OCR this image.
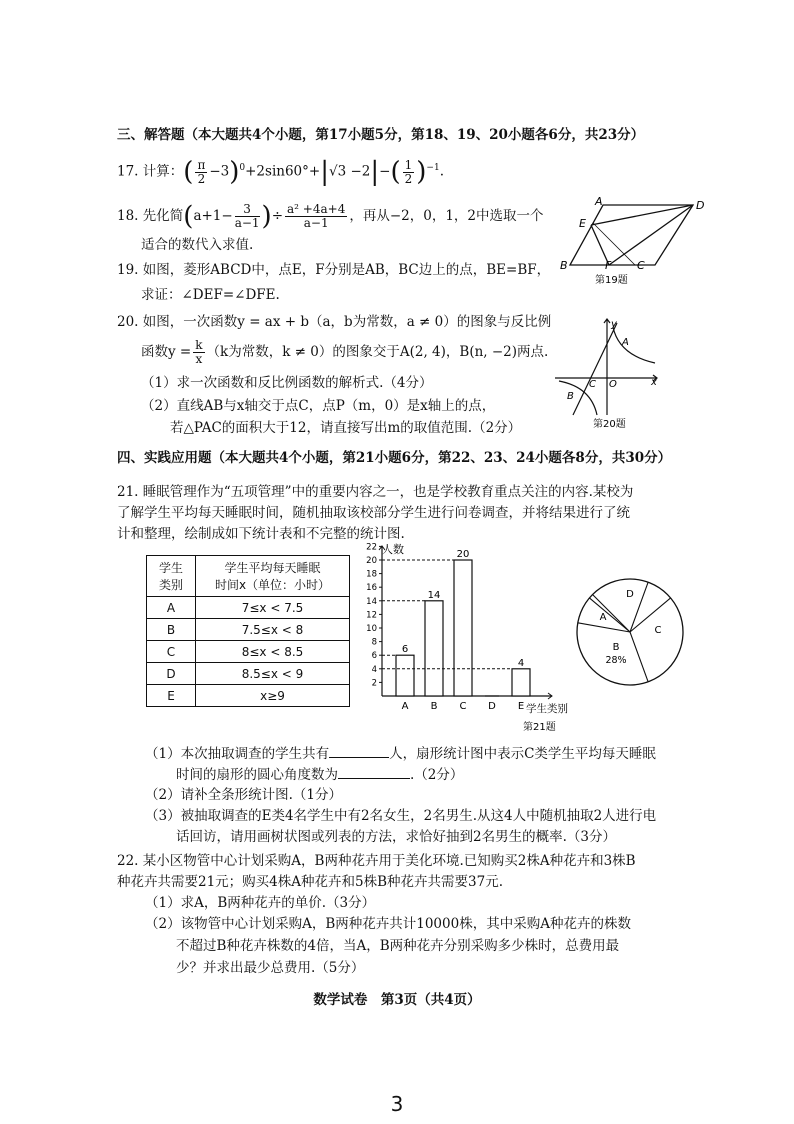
三、解答题（本大题共4个小题，第17小题5分，第18、19、20小题各6分，共23分）
17. 计算：( $\frac{\pi}{2} -3)^0+2\sin 60^\circ+|√3 -2|-( \frac{1}{2} )^{-1}$.
18. 先化简($a+1- \frac{3}{a-1}$ )÷ $\frac{\text{a² +4a+4}}{a-1}$ ，再从−2，0，1，2中选取一个
适合的数代入求值.
19. 如图，菱形ABCD中，点E，F分别是AB，BC边上的点，BE=BF，
求证：∠DEF=∠DFE.
A	D
E
B	F C
第19题
20. 如图，一次函数y = ax + b（a，b为常数，a ≠ 0）的图象与反比例
函数$y = \frac{k}{x} (k$为常数，k ≠ 0）的图象交于A(2, 4)，B(n, −2)两点.
（1）求一次函数和反比例函数的解析式.（4分）
（2）直线AB与x轴交于点C，点P（m，0）是x轴上的点，
若△PAC的面积大于12，请直接写出m的取值范围.（2分）
y
A
C O	x
B
第20题
四、实践应用题（本大题共4个小题，第21小题6分，第22、23、24小题各8分，共30分）
21. 睡眠管理作为“五项管理”中的重要内容之一，也是学校教育重点关注的内容.某校为
了解学生平均每天睡眠时间，随机抽取该校部分学生进行问卷调查，并将结果进行了统
计和整理，绘制成如下统计表和不完整的统计图.
学生
类别	学生平均每天睡眠
时间x（单位：小时）
A	7≤x < 7.5
B	7.5≤x < 8
C	8≤x < 8.5
D	8.5≤x < 9
E	x≥9
人数
学生类别
第21题
2
4
6
8
10
12
14
16
18
20
22
A
6
B
14
C
20
D E
4
A
D
C
B
28%
（1）本次抽取调查的学生共有	人，扇形统计图中表示C类学生平均每天睡眠
时间的扇形的圆心角度数为	.（2分）
（2）请补全条形统计图.（1分）
（3）被抽取调查的E类4名学生中有2名女生，2名男生.从这4人中随机抽取2人进行电
话回访，请用画树状图或列表的方法，求恰好抽到2名男生的概率.（3分）
22. 某小区物管中心计划采购A，B两种花卉用于美化环境.已知购买2株A种花卉和3株B
种花卉共需要21元；购买4株A种花卉和5株B种花卉共需要37元.
（1）求A，B两种花卉的单价.（3分）
（2）该物管中心计划采购A，B两种花卉共计10000株，其中采购A种花卉的株数
不超过B种花卉株数的4倍，当A，B两种花卉分别采购多少株时，总费用最
少？并求出最少总费用.（5分）
数学试卷　第3页（共4页）
3
